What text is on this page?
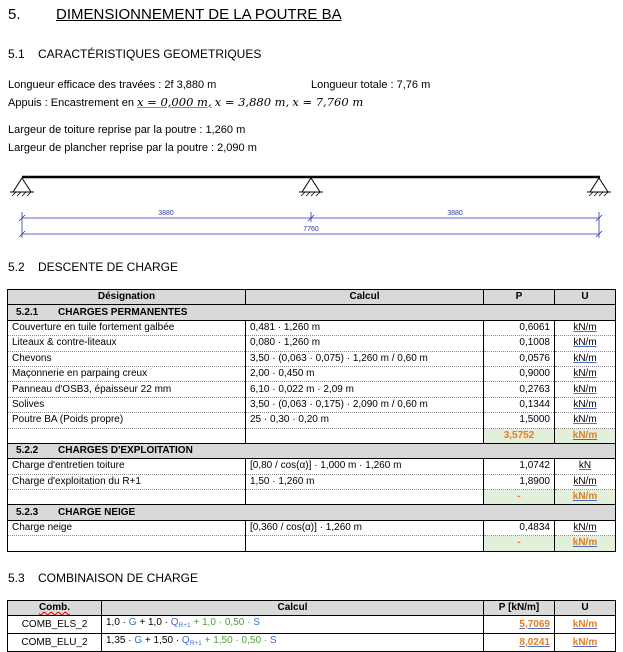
5. DIMENSIONNEMENT DE LA POUTRE BA
5.1 CARACTÉRISTIQUES GEOMETRIQUES
Longueur efficace des travées : 2f 3,880 m	Longueur totale : 7,76 m
Appuis : Encastrement en x = 0,000 m, x = 3,880 m, x = 7,760 m
Largeur de toiture reprise par la poutre : 1,260 m
Largeur de plancher reprise par la poutre : 2,090 m
3880	3880
7760
5.2 DESCENTE DE CHARGE
Désignation	Calcul	P	U
5.2.1 CHARGES PERMANENTES			
Couverture en tuile fortement galbée	0,481 · 1,260 m	0,6061	kN/m
Liteaux & contre-liteaux	0,080 · 1,260 m	0,1008	kN/m
Chevons	3,50 · (0,063 · 0,075) · 1,260 m / 0,60 m	0,0576	kN/m
Maçonnerie en parpaing creux	2,00 · 0,450 m	0,9000	kN/m
Panneau d'OSB3, épaisseur 22 mm	6,10 · 0,022 m · 2,09 m	0,2763	kN/m
Solives	3,50 · (0,063 · 0,175) · 2,090 m / 0,60 m	0,1344	kN/m
Poutre BA (Poids propre)	25 · 0,30 · 0,20 m	1,5000	kN/m
		3,5752	kN/m
5.2.2 CHARGES D'EXPLOITATION			
Charge d'entretien toiture	[0,80 / cos(α)] · 1,000 m · 1,260 m	1,0742	kN
Charge d'exploitation du R+1	1,50 · 1,260 m	1,8900	kN/m
		-	kN/m
5.2.3 CHARGE NEIGE			
Charge neige	[0,360 / cos(α)] · 1,260 m	0,4834	kN/m
		-	kN/m
5.3 COMBINAISON DE CHARGE
Comb.	Calcul	P [kN/m]	U
COMB_ELS_2	$1,0 \cdot G + 1,0 \cdot Q_{R+1} + 1,0 \cdot 0,50 \cdot S$	5,7069	kN/m
COMB_ELU_2	$1,35 \cdot G + 1,50 \cdot Q_{R+1} + 1,50 \cdot 0,50 \cdot S$	8,0241	kN/m
